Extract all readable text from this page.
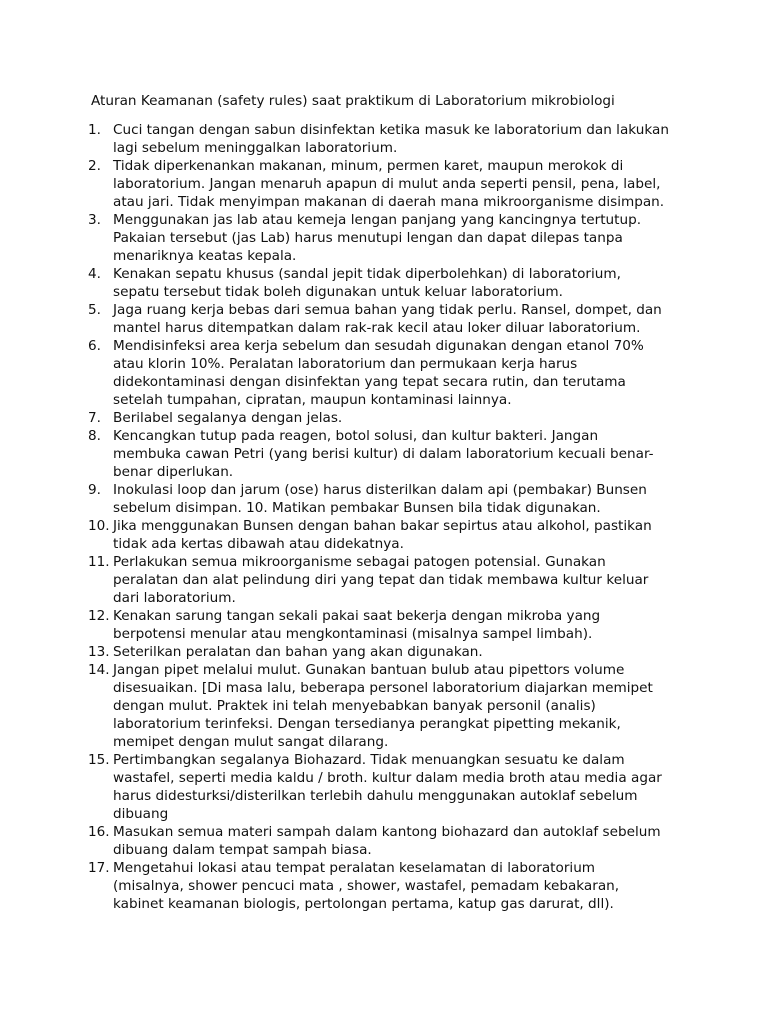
Aturan Keamanan (safety rules) saat praktikum di Laboratorium mikrobiologi
1. Cuci tangan dengan sabun disinfektan ketika masuk ke laboratorium dan lakukan
lagi sebelum meninggalkan laboratorium.
2. Tidak diperkenankan makanan, minum, permen karet, maupun merokok di
laboratorium. Jangan menaruh apapun di mulut anda seperti pensil, pena, label,
atau jari. Tidak menyimpan makanan di daerah mana mikroorganisme disimpan.
3. Menggunakan jas lab atau kemeja lengan panjang yang kancingnya tertutup.
Pakaian tersebut (jas Lab) harus menutupi lengan dan dapat dilepas tanpa
menariknya keatas kepala.
4. Kenakan sepatu khusus (sandal jepit tidak diperbolehkan) di laboratorium,
sepatu tersebut tidak boleh digunakan untuk keluar laboratorium.
5. Jaga ruang kerja bebas dari semua bahan yang tidak perlu. Ransel, dompet, dan
mantel harus ditempatkan dalam rak-rak kecil atau loker diluar laboratorium.
6. Mendisinfeksi area kerja sebelum dan sesudah digunakan dengan etanol 70%
atau klorin 10%. Peralatan laboratorium dan permukaan kerja harus
didekontaminasi dengan disinfektan yang tepat secara rutin, dan terutama
setelah tumpahan, cipratan, maupun kontaminasi lainnya.
7. Berilabel segalanya dengan jelas.
8. Kencangkan tutup pada reagen, botol solusi, dan kultur bakteri. Jangan
membuka cawan Petri (yang berisi kultur) di dalam laboratorium kecuali benar-
benar diperlukan.
9. Inokulasi loop dan jarum (ose) harus disterilkan dalam api (pembakar) Bunsen
sebelum disimpan. 10. Matikan pembakar Bunsen bila tidak digunakan.
10. Jika menggunakan Bunsen dengan bahan bakar sepirtus atau alkohol, pastikan
tidak ada kertas dibawah atau didekatnya.
11. Perlakukan semua mikroorganisme sebagai patogen potensial. Gunakan
peralatan dan alat pelindung diri yang tepat dan tidak membawa kultur keluar
dari laboratorium.
12. Kenakan sarung tangan sekali pakai saat bekerja dengan mikroba yang
berpotensi menular atau mengkontaminasi (misalnya sampel limbah).
13. Seterilkan peralatan dan bahan yang akan digunakan.
14. Jangan pipet melalui mulut. Gunakan bantuan bulub atau pipettors volume
disesuaikan. [Di masa lalu, beberapa personel laboratorium diajarkan memipet
dengan mulut. Praktek ini telah menyebabkan banyak personil (analis)
laboratorium terinfeksi. Dengan tersedianya perangkat pipetting mekanik,
memipet dengan mulut sangat dilarang.
15. Pertimbangkan segalanya Biohazard. Tidak menuangkan sesuatu ke dalam
wastafel, seperti media kaldu / broth. kultur dalam media broth atau media agar
harus didesturksi/disterilkan terlebih dahulu menggunakan autoklaf sebelum
dibuang
16. Masukan semua materi sampah dalam kantong biohazard dan autoklaf sebelum
dibuang dalam tempat sampah biasa.
17. Mengetahui lokasi atau tempat peralatan keselamatan di laboratorium
(misalnya, shower pencuci mata , shower, wastafel, pemadam kebakaran,
kabinet keamanan biologis, pertolongan pertama, katup gas darurat, dll).
